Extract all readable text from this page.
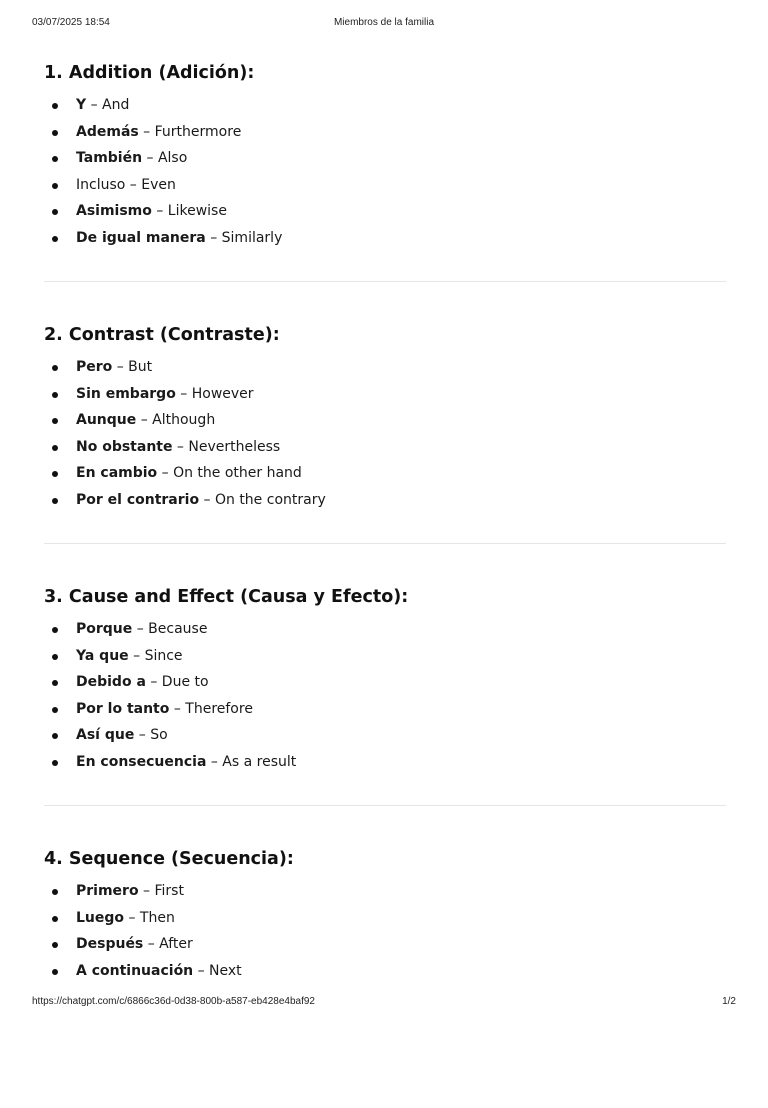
03/07/2025 18:54	Miembros de la familia
1. Addition (Adición):
Y – And
Además – Furthermore
También – Also
Incluso – Even
Asimismo – Likewise
De igual manera – Similarly
2. Contrast (Contraste):
Pero – But
Sin embargo – However
Aunque – Although
No obstante – Nevertheless
En cambio – On the other hand
Por el contrario – On the contrary
3. Cause and Effect (Causa y Efecto):
Porque – Because
Ya que – Since
Debido a – Due to
Por lo tanto – Therefore
Así que – So
En consecuencia – As a result
4. Sequence (Secuencia):
Primero – First
Luego – Then
Después – After
A continuación – Next
https://chatgpt.com/c/6866c36d-0d38-800b-a587-eb428e4baf92	1/2
